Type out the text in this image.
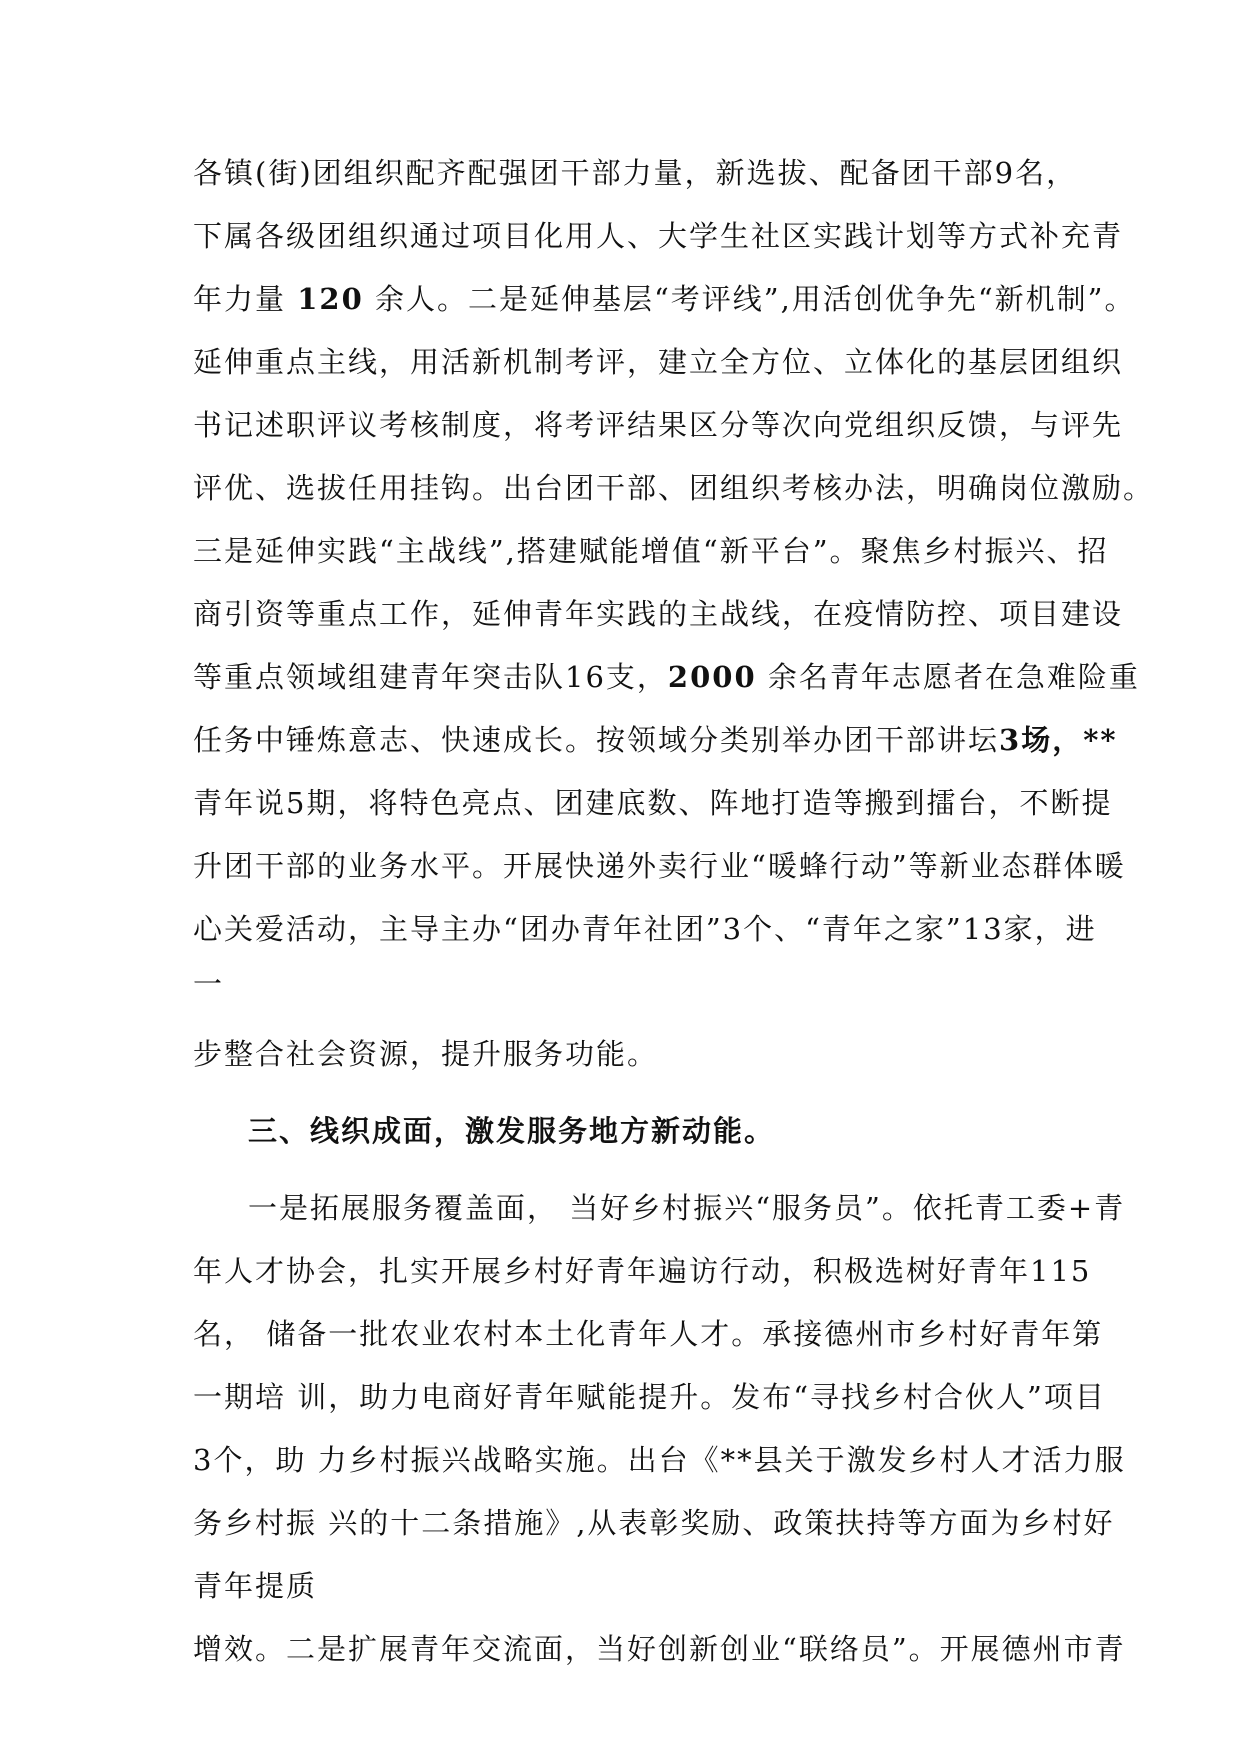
各镇(街)团组织配齐配强团干部力量，新选拔、配备团干部9名，
下属各级团组织通过项目化用人、大学生社区实践计划等方式补充青
年力量 120 余人。二是延伸基层“考评线”,用活创优争先“新机制”。
延伸重点主线，用活新机制考评，建立全方位、立体化的基层团组织
书记述职评议考核制度，将考评结果区分等次向党组织反馈，与评先
评优、选拔任用挂钩。出台团干部、团组织考核办法，明确岗位激励。
三是延伸实践“主战线”,搭建赋能增值“新平台”。聚焦乡村振兴、招
商引资等重点工作，延伸青年实践的主战线，在疫情防控、项目建设
等重点领域组建青年突击队16支，2000 余名青年志愿者在急难险重
任务中锤炼意志、快速成长。按领域分类别举办团干部讲坛3场，**
青年说5期，将特色亮点、团建底数、阵地打造等搬到擂台，不断提
升团干部的业务水平。开展快递外卖行业“暖蜂行动”等新业态群体暖
心关爱活动，主导主办“团办青年社团”3个、“青年之家”13家，进
一
步整合社会资源，提升服务功能。
三、线织成面，激发服务地方新动能。
一是拓展服务覆盖面， 当好乡村振兴“服务员”。依托青工委+青
年人才协会，扎实开展乡村好青年遍访行动，积极选树好青年115
名， 储备一批农业农村本土化青年人才。承接德州市乡村好青年第
一期培 训，助力电商好青年赋能提升。发布“寻找乡村合伙人”项目
3个，助 力乡村振兴战略实施。出台《**县关于激发乡村人才活力服
务乡村振 兴的十二条措施》,从表彰奖励、政策扶持等方面为乡村好
青年提质
增效。二是扩展青年交流面，当好创新创业“联络员”。开展德州市青
